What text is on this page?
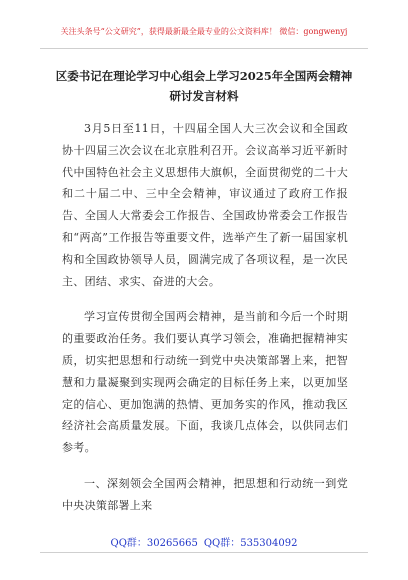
关注头条号“公文研究”，获得最新最全最专业的公文资料库！ 微信：gongwenyj
区委书记在理论学习中心组会上学习2025年全国两会精神
研讨发言材料

3月5日至11日，十四届全国人大三次会议和全国政协十四届三次会议在北京胜利召开。会议高举习近平新时代中国特色社会主义思想伟大旗帜，全面贯彻党的二十大和二十届二中、三中全会精神，审议通过了政府工作报告、全国人大常委会工作报告、全国政协常委会工作报告和“两高”工作报告等重要文件，选举产生了新一届国家机构和全国政协领导人员，圆满完成了各项议程，是一次民主、团结、求实、奋进的大会。

学习宣传贯彻全国两会精神，是当前和今后一个时期的重要政治任务。我们要认真学习领会，准确把握精神实质，切实把思想和行动统一到党中央决策部署上来，把智慧和力量凝聚到实现两会确定的目标任务上来，以更加坚定的信心、更加饱满的热情、更加务实的作风，推动我区经济社会高质量发展。下面，我谈几点体会，以供同志们参考。

一、深刻领会全国两会精神，把思想和行动统一到党中央决策部署上来

QQ群：30265665 QQ群：535304092
